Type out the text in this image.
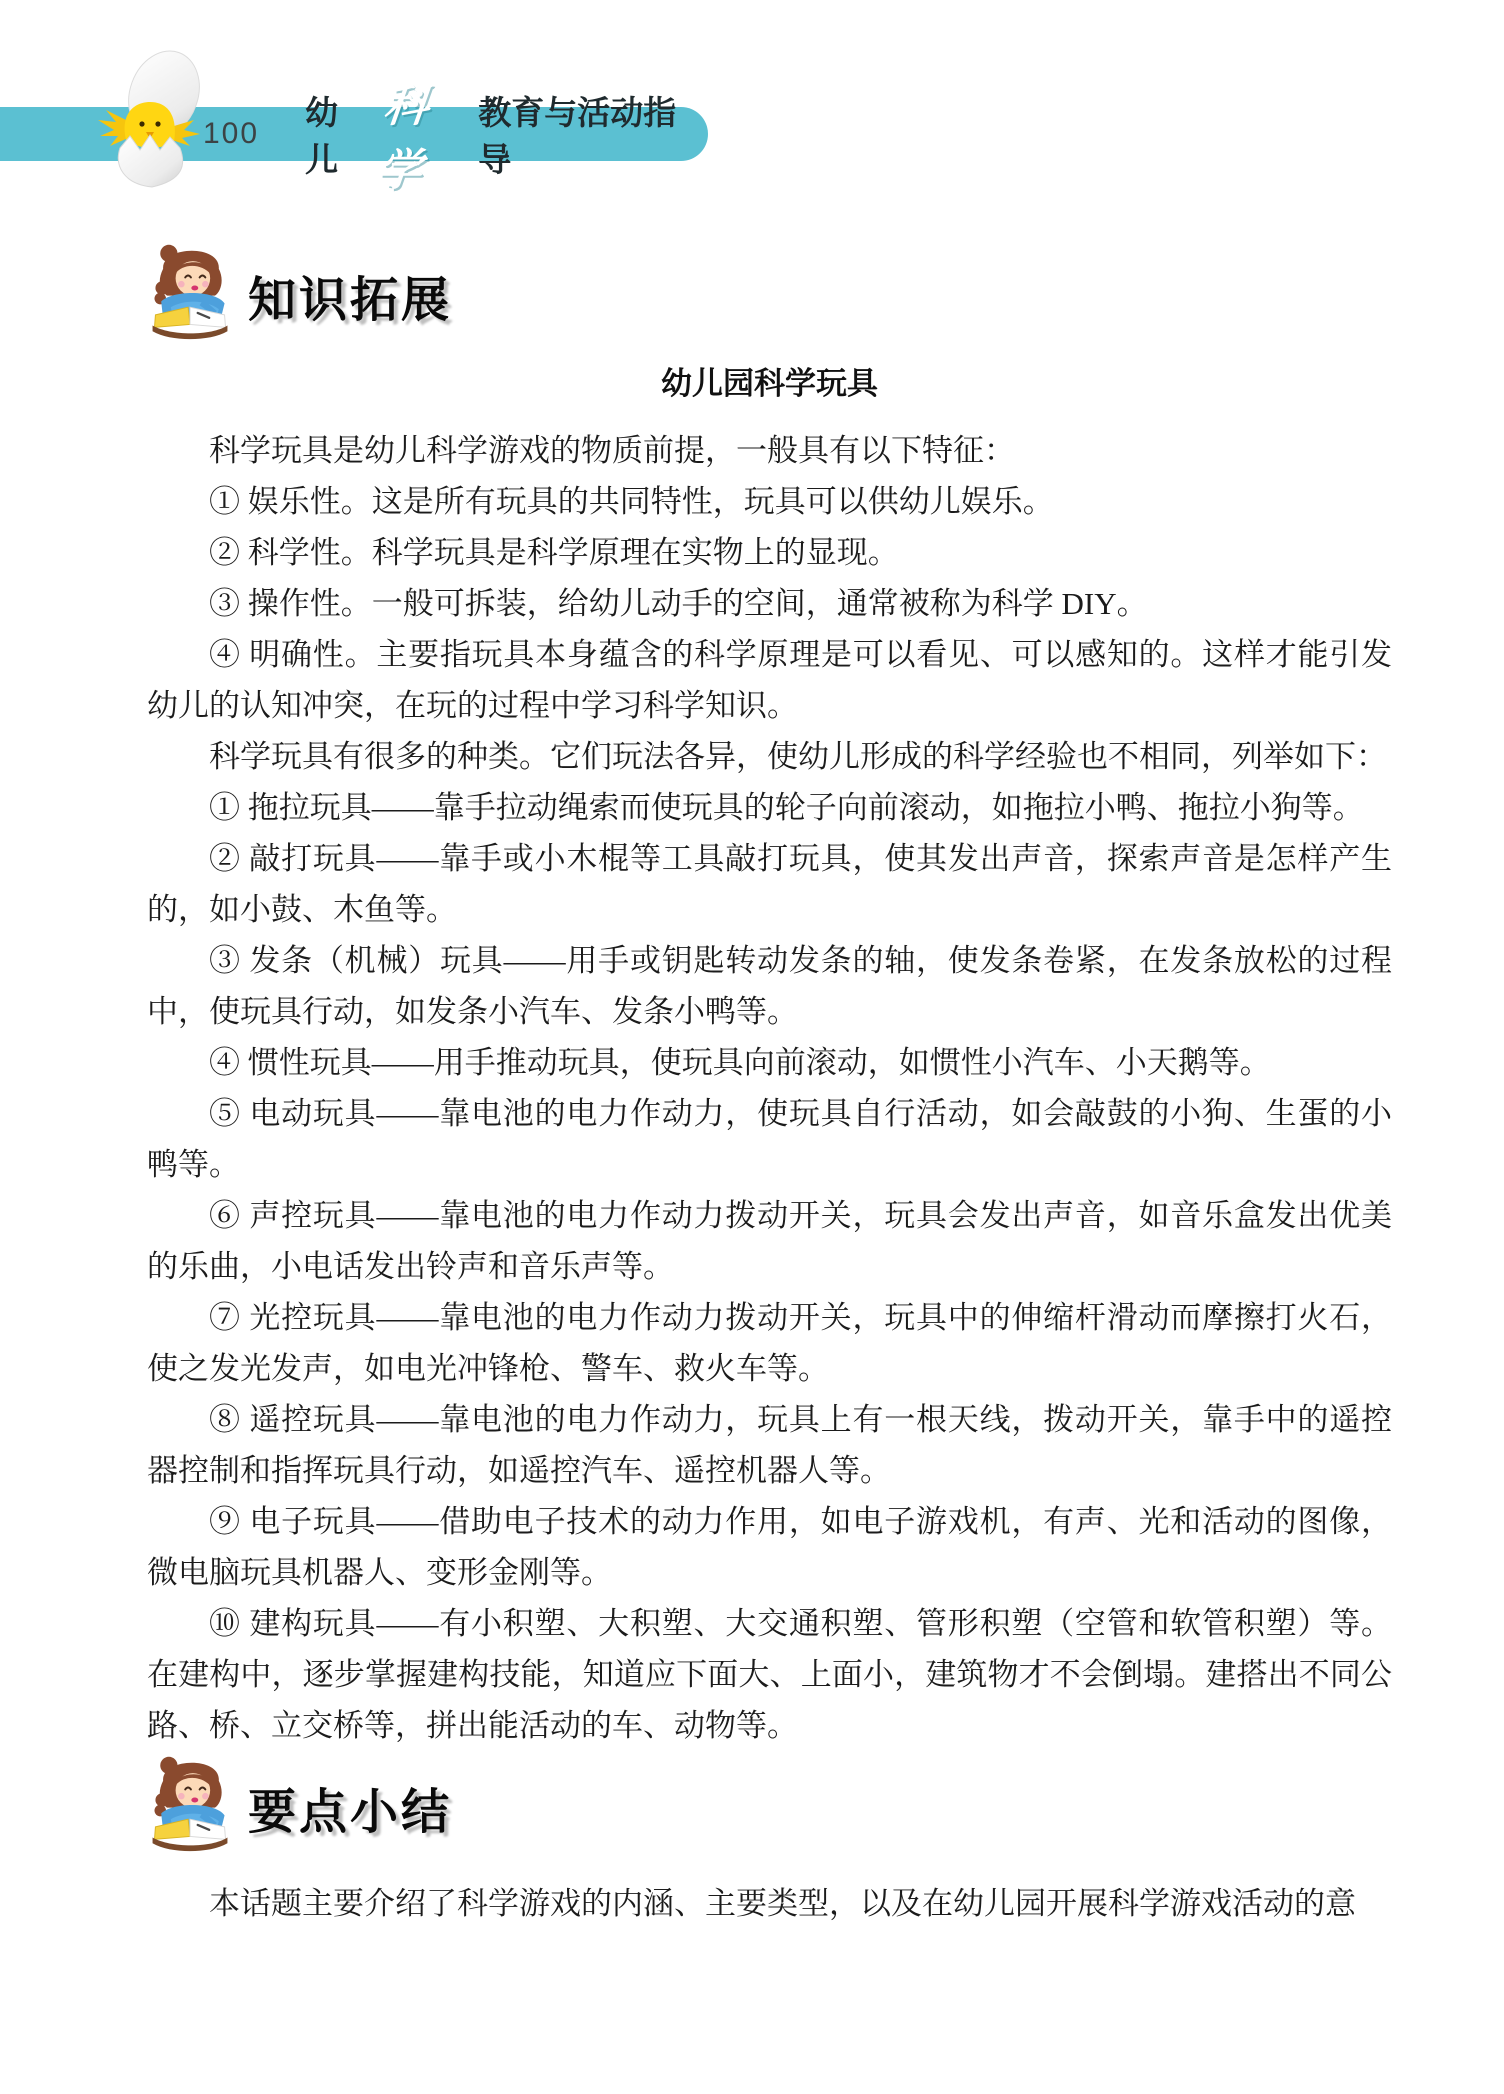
100
幼儿
科学
教育与活动指导
知识拓展
幼儿园科学玩具

科学玩具是幼儿科学游戏的物质前提，一般具有以下特征：

① 娱乐性。这是所有玩具的共同特性，玩具可以供幼儿娱乐。

② 科学性。科学玩具是科学原理在实物上的显现。

③ 操作性。一般可拆装，给幼儿动手的空间，通常被称为科学 DIY。

④ 明确性。主要指玩具本身蕴含的科学原理是可以看见、可以感知的。这样才能引发幼儿的认知冲突，在玩的过程中学习科学知识。

科学玩具有很多的种类。它们玩法各异，使幼儿形成的科学经验也不相同，列举如下：

① 拖拉玩具——靠手拉动绳索而使玩具的轮子向前滚动，如拖拉小鸭、拖拉小狗等。

② 敲打玩具——靠手或小木棍等工具敲打玩具，使其发出声音，探索声音是怎样产生的，如小鼓、木鱼等。

③ 发条（机械）玩具——用手或钥匙转动发条的轴，使发条卷紧，在发条放松的过程中，使玩具行动，如发条小汽车、发条小鸭等。

④ 惯性玩具——用手推动玩具，使玩具向前滚动，如惯性小汽车、小天鹅等。

⑤ 电动玩具——靠电池的电力作动力，使玩具自行活动，如会敲鼓的小狗、生蛋的小鸭等。

⑥ 声控玩具——靠电池的电力作动力拨动开关，玩具会发出声音，如音乐盒发出优美的乐曲，小电话发出铃声和音乐声等。

⑦ 光控玩具——靠电池的电力作动力拨动开关，玩具中的伸缩杆滑动而摩擦打火石，使之发光发声，如电光冲锋枪、警车、救火车等。

⑧ 遥控玩具——靠电池的电力作动力，玩具上有一根天线，拨动开关，靠手中的遥控器控制和指挥玩具行动，如遥控汽车、遥控机器人等。

⑨ 电子玩具——借助电子技术的动力作用，如电子游戏机，有声、光和活动的图像，微电脑玩具机器人、变形金刚等。

⑩ 建构玩具——有小积塑、大积塑、大交通积塑、管形积塑（空管和软管积塑）等。在建构中，逐步掌握建构技能，知道应下面大、上面小，建筑物才不会倒塌。建搭出不同公路、桥、立交桥等，拼出能活动的车、动物等。

要点小结

本话题主要介绍了科学游戏的内涵、主要类型，以及在幼儿园开展科学游戏活动的意
